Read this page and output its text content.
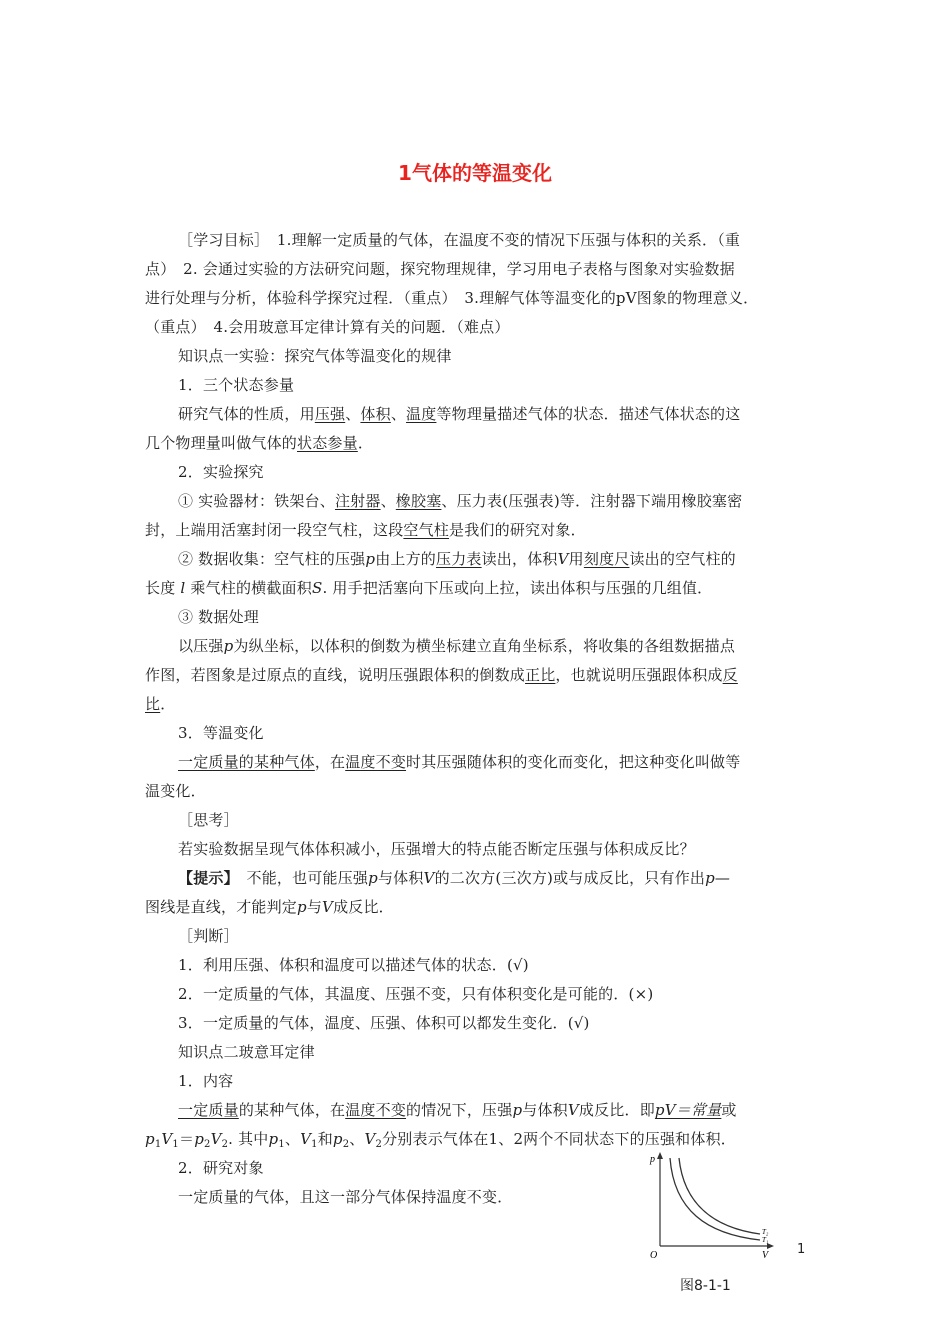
1气体的等温变化
［学习目标］　1.理解一定质量的气体，在温度不变的情况下压强与体积的关系．（重
点）　2. 会通过实验的方法研究问题，探究物理规律，学习用电子表格与图象对实验数据
进行处理与分析，体验科学探究过程．（重点）　3.理解气体等温变化的pV图象的物理意义．
（重点）　4.会用玻意耳定律计算有关的问题．（难点）
知识点一实验：探究气体等温变化的规律
1．三个状态参量
研究气体的性质，用压强、体积、温度等物理量描述气体的状态．描述气体状态的这
几个物理量叫做气体的状态参量．
2．实验探究
① 实验器材：铁架台、注射器、橡胶塞、压力表(压强表)等．注射器下端用橡胶塞密
封，上端用活塞封闭一段空气柱，这段空气柱是我们的研究对象．
② 数据收集：空气柱的压强p由上方的压力表读出，体积V用刻度尺读出的空气柱的
长度 l 乘气柱的横截面积S. 用手把活塞向下压或向上拉，读出体积与压强的几组值．
③ 数据处理
以压强p为纵坐标，以体积的倒数为横坐标建立直角坐标系，将收集的各组数据描点
作图，若图象是过原点的直线，说明压强跟体积的倒数成正比，也就说明压强跟体积成反
比．
3．等温变化
一定质量的某种气体，在温度不变时其压强随体积的变化而变化，把这种变化叫做等
温变化．
［思考］
若实验数据呈现气体体积减小，压强增大的特点能否断定压强与体积成反比？
【提示】　不能，也可能压强p与体积V的二次方(三次方)或与成反比，只有作出p—
图线是直线，才能判定p与V成反比．
［判断］
1．利用压强、体积和温度可以描述气体的状态．(√)
2．一定质量的气体，其温度、压强不变，只有体积变化是可能的．(×)
3．一定质量的气体，温度、压强、体积可以都发生变化．(√)
知识点二玻意耳定律
1．内容
一定质量的某种气体，在温度不变的情况下，压强p与体积V成反比．即pV＝常量或
$p_1V_1=p_2V_2$. 其中$p_1$、$V_1$和$p_2$、$V_2$分别表示气体在1、2两个不同状态下的压强和体积．
2．研究对象
一定质量的气体，且这一部分气体保持温度不变．
p
V
O
T₂
T₁
1
图8-1-1
